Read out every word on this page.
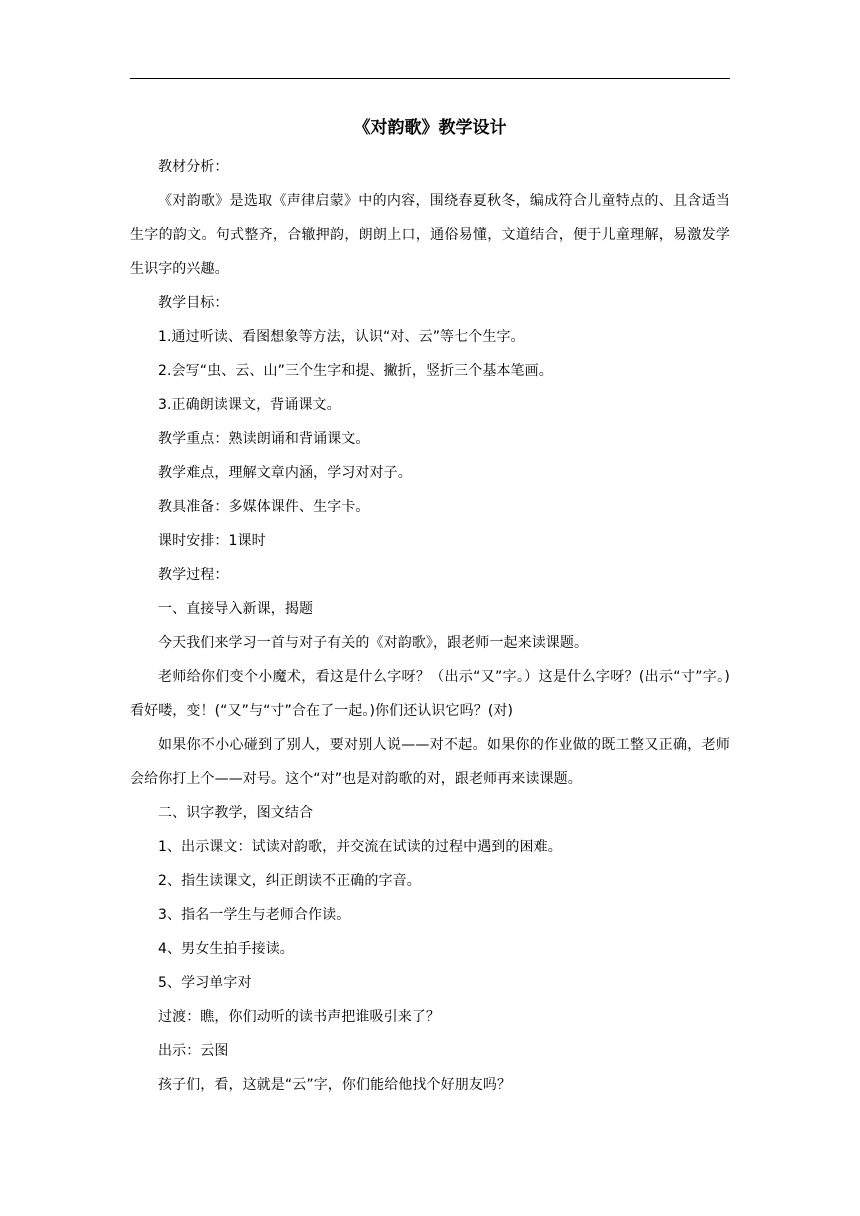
《对韵歌》教学设计

教材分析：

《对韵歌》是选取《声律启蒙》中的内容，围绕春夏秋冬，编成符合儿童特点的、且含适当生字的韵文。句式整齐，合辙押韵，朗朗上口，通俗易懂，文道结合，便于儿童理解，易激发学生识字的兴趣。

教学目标：

1.通过听读、看图想象等方法，认识“对、云”等七个生字。

2.会写“虫、云、山”三个生字和提、撇折，竖折三个基本笔画。

3.正确朗读课文，背诵课文。

教学重点：熟读朗诵和背诵课文。

教学难点，理解文章内涵，学习对对子。

教具准备：多媒体课件、生字卡。

课时安排：1课时

教学过程：

一、直接导入新课，揭题

今天我们来学习一首与对子有关的《对韵歌》，跟老师一起来读课题。

老师给你们变个小魔术，看这是什么字呀？（出示“又”字。）这是什么字呀？(出示“寸”字。)看好喽，变！(“又”与“寸”合在了一起。)你们还认识它吗？(对)

如果你不小心碰到了别人，要对别人说——对不起。如果你的作业做的既工整又正确，老师会给你打上个——对号。这个“对”也是对韵歌的对，跟老师再来读课题。

二、识字教学，图文结合

1、出示课文：试读对韵歌，并交流在试读的过程中遇到的困难。

2、指生读课文，纠正朗读不正确的字音。

3、指名一学生与老师合作读。

4、男女生拍手接读。

5、学习单字对

过渡：瞧，你们动听的读书声把谁吸引来了？

出示：云图

孩子们，看，这就是“云”字，你们能给他找个好朋友吗？
